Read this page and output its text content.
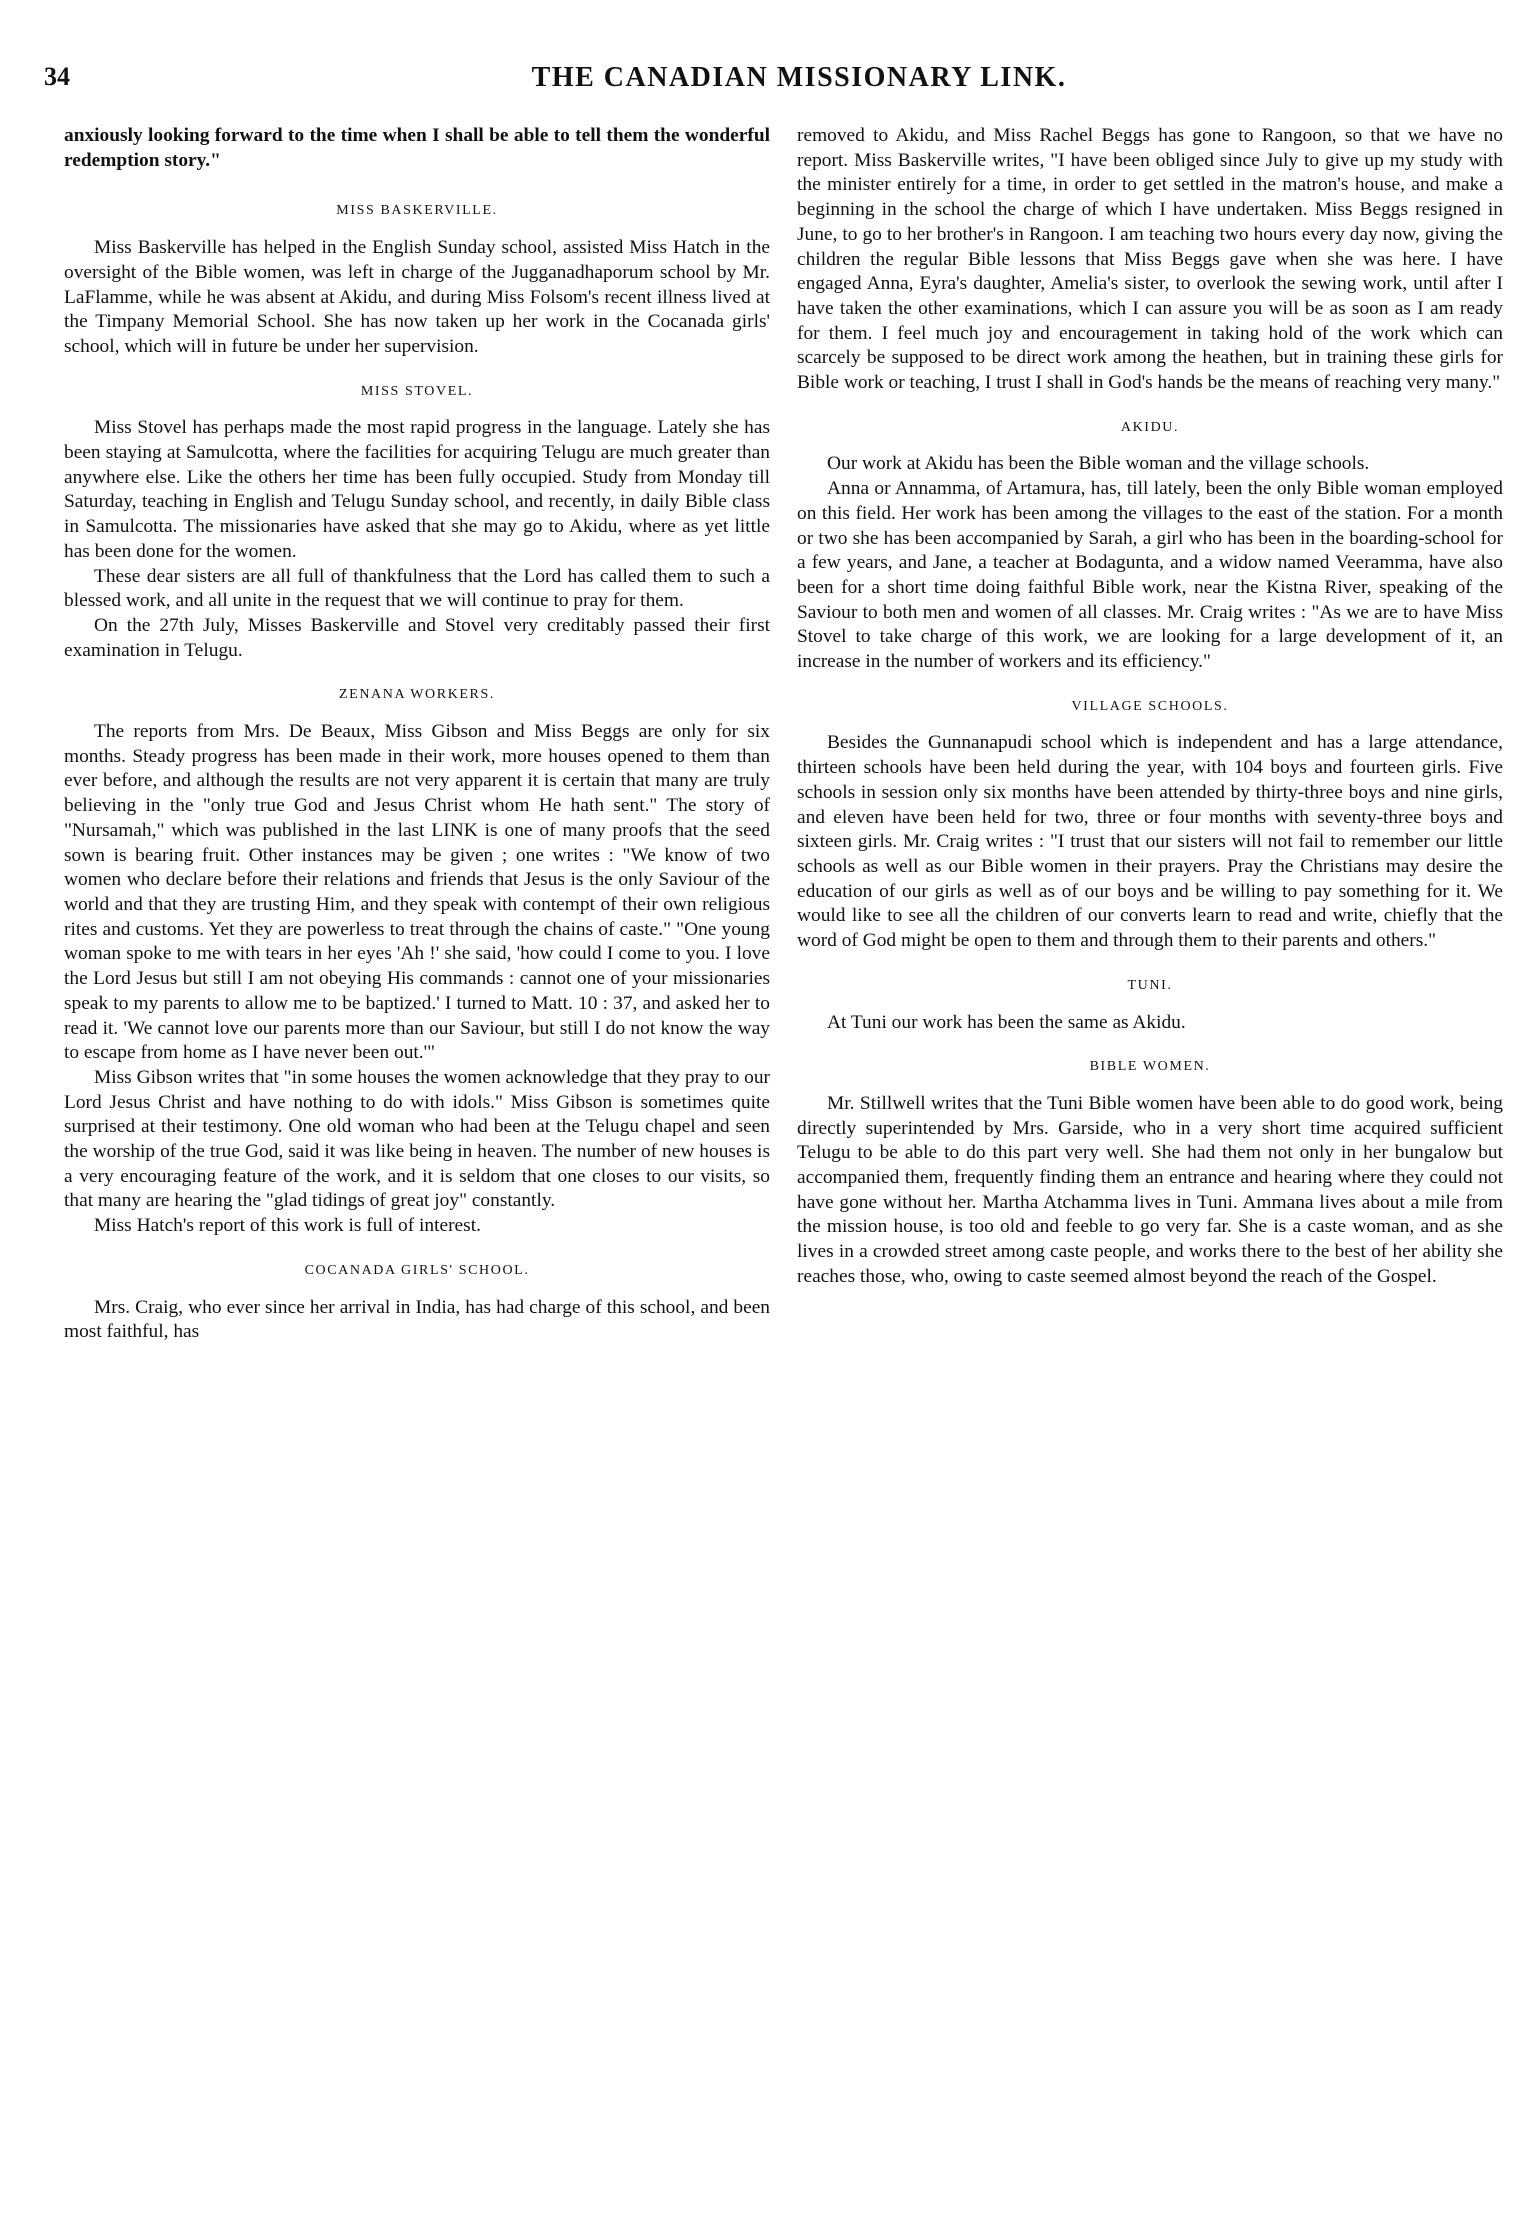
34	THE CANADIAN MISSIONARY LINK.

anxiously looking forward to the time when I shall be able to tell them the wonderful redemption story."

MISS BASKERVILLE.

Miss Baskerville has helped in the English Sunday school, assisted Miss Hatch in the oversight of the Bible women, was left in charge of the Jugganadhaporum school by Mr. LaFlamme, while he was absent at Akidu, and during Miss Folsom's recent illness lived at the Timpany Memorial School. She has now taken up her work in the Cocanada girls' school, which will in future be under her supervision.

MISS STOVEL.

Miss Stovel has perhaps made the most rapid progress in the language. Lately she has been staying at Samulcotta, where the facilities for acquiring Telugu are much greater than anywhere else. Like the others her time has been fully occupied. Study from Monday till Saturday, teaching in English and Telugu Sunday school, and recently, in daily Bible class in Samulcotta. The missionaries have asked that she may go to Akidu, where as yet little has been done for the women.

These dear sisters are all full of thankfulness that the Lord has called them to such a blessed work, and all unite in the request that we will continue to pray for them.

On the 27th July, Misses Baskerville and Stovel very creditably passed their first examination in Telugu.

ZENANA WORKERS.

The reports from Mrs. De Beaux, Miss Gibson and Miss Beggs are only for six months. Steady progress has been made in their work, more houses opened to them than ever before, and although the results are not very apparent it is certain that many are truly believing in the "only true God and Jesus Christ whom He hath sent." The story of "Nursamah," which was published in the last LINK is one of many proofs that the seed sown is bearing fruit. Other instances may be given ; one writes : "We know of two women who declare before their relations and friends that Jesus is the only Saviour of the world and that they are trusting Him, and they speak with contempt of their own religious rites and customs. Yet they are powerless to treat through the chains of caste." "One young woman spoke to me with tears in her eyes 'Ah !' she said, 'how could I come to you. I love the Lord Jesus but still I am not obeying His commands : cannot one of your missionaries speak to my parents to allow me to be baptized.' I turned to Matt. 10 : 37, and asked her to read it. 'We cannot love our parents more than our Saviour, but still I do not know the way to escape from home as I have never been out.'"

Miss Gibson writes that "in some houses the women acknowledge that they pray to our Lord Jesus Christ and have nothing to do with idols." Miss Gibson is sometimes quite surprised at their testimony. One old woman who had been at the Telugu chapel and seen the worship of the true God, said it was like being in heaven. The number of new houses is a very encouraging feature of the work, and it is seldom that one closes to our visits, so that many are hearing the "glad tidings of great joy" constantly.

Miss Hatch's report of this work is full of interest.

COCANADA GIRLS' SCHOOL.

Mrs. Craig, who ever since her arrival in India, has had charge of this school, and been most faithful, has

removed to Akidu, and Miss Rachel Beggs has gone to Rangoon, so that we have no report. Miss Baskerville writes, "I have been obliged since July to give up my study with the minister entirely for a time, in order to get settled in the matron's house, and make a beginning in the school the charge of which I have undertaken. Miss Beggs resigned in June, to go to her brother's in Rangoon. I am teaching two hours every day now, giving the children the regular Bible lessons that Miss Beggs gave when she was here. I have engaged Anna, Eyra's daughter, Amelia's sister, to overlook the sewing work, until after I have taken the other examinations, which I can assure you will be as soon as I am ready for them. I feel much joy and encouragement in taking hold of the work which can scarcely be supposed to be direct work among the heathen, but in training these girls for Bible work or teaching, I trust I shall in God's hands be the means of reaching very many."

AKIDU.

Our work at Akidu has been the Bible woman and the village schools.

Anna or Annamma, of Artamura, has, till lately, been the only Bible woman employed on this field. Her work has been among the villages to the east of the station. For a month or two she has been accompanied by Sarah, a girl who has been in the boarding-school for a few years, and Jane, a teacher at Bodagunta, and a widow named Veeramma, have also been for a short time doing faithful Bible work, near the Kistna River, speaking of the Saviour to both men and women of all classes. Mr. Craig writes : "As we are to have Miss Stovel to take charge of this work, we are looking for a large development of it, an increase in the number of workers and its efficiency."

VILLAGE SCHOOLS.

Besides the Gunnanapudi school which is independent and has a large attendance, thirteen schools have been held during the year, with 104 boys and fourteen girls. Five schools in session only six months have been attended by thirty-three boys and nine girls, and eleven have been held for two, three or four months with seventy-three boys and sixteen girls. Mr. Craig writes : "I trust that our sisters will not fail to remember our little schools as well as our Bible women in their prayers. Pray the Christians may desire the education of our girls as well as of our boys and be willing to pay something for it. We would like to see all the children of our converts learn to read and write, chiefly that the word of God might be open to them and through them to their parents and others."

TUNI.

At Tuni our work has been the same as Akidu.

BIBLE WOMEN.

Mr. Stillwell writes that the Tuni Bible women have been able to do good work, being directly superintended by Mrs. Garside, who in a very short time acquired sufficient Telugu to be able to do this part very well. She had them not only in her bungalow but accompanied them, frequently finding them an entrance and hearing where they could not have gone without her. Martha Atchamma lives in Tuni. Ammana lives about a mile from the mission house, is too old and feeble to go very far. She is a caste woman, and as she lives in a crowded street among caste people, and works there to the best of her ability she reaches those, who, owing to caste seemed almost beyond the reach of the Gospel.
